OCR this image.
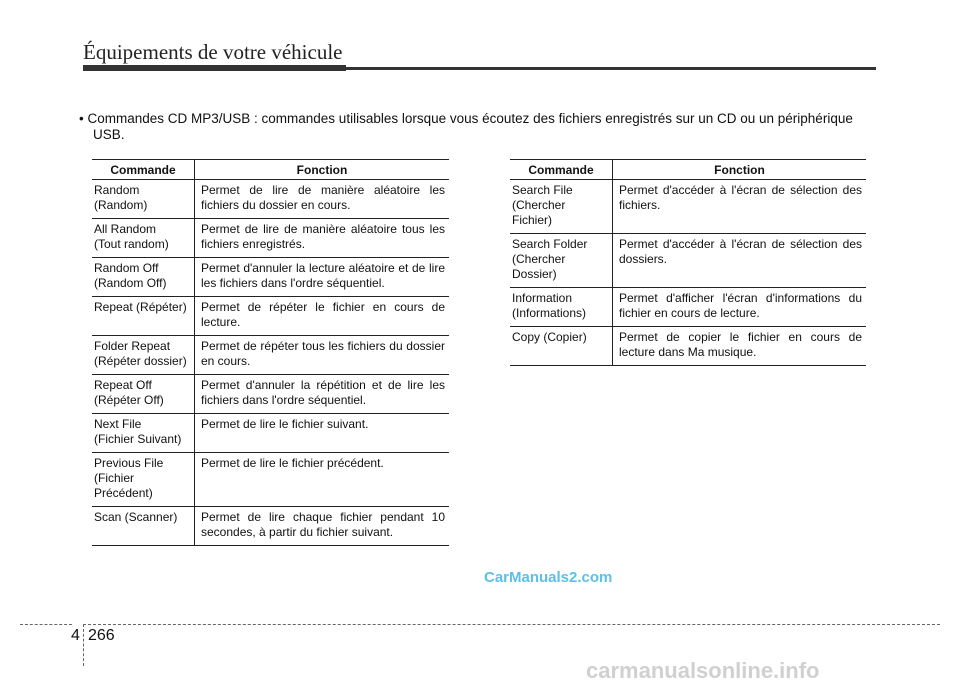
Équipements de votre véhicule
• Commandes CD MP3/USB : commandes utilisables lorsque vous écoutez des fichiers enregistrés sur un CD ou un périphérique
USB.
Commande	Fonction

Random
(Random)	Permet de lire de manière aléatoire les fichiers du dossier en cours.

All Random
(Tout random)	Permet de lire de manière aléatoire tous les fichiers enregistrés.

Random Off
(Random Off)	Permet d'annuler la lecture aléatoire et de lire les fichiers dans l'ordre séquentiel.

Repeat (Répéter)	Permet de répéter le fichier en cours de lecture.

Folder Repeat
(Répéter dossier)	Permet de répéter tous les fichiers du dossier en cours.

Repeat Off
(Répéter Off)	Permet d'annuler la répétition et de lire les fichiers dans l'ordre séquentiel.

Next File
(Fichier Suivant)	Permet de lire le fichier suivant.

Previous File
(Fichier Précédent)	Permet de lire le fichier précédent.

Scan (Scanner)	Permet de lire chaque fichier pendant 10 secondes, à partir du fichier suivant.
Commande	Fonction

Search File
(Chercher
Fichier)	Permet d'accéder à l'écran de sélection des fichiers.

Search Folder
(Chercher
Dossier)	Permet d'accéder à l'écran de sélection des dossiers.

Information
(Informations)	Permet d'afficher l'écran d'informations du fichier en cours de lecture.

Copy (Copier)	Permet de copier le fichier en cours de lecture dans Ma musique.
CarManuals2.com
4 266
carmanualsonline.info
